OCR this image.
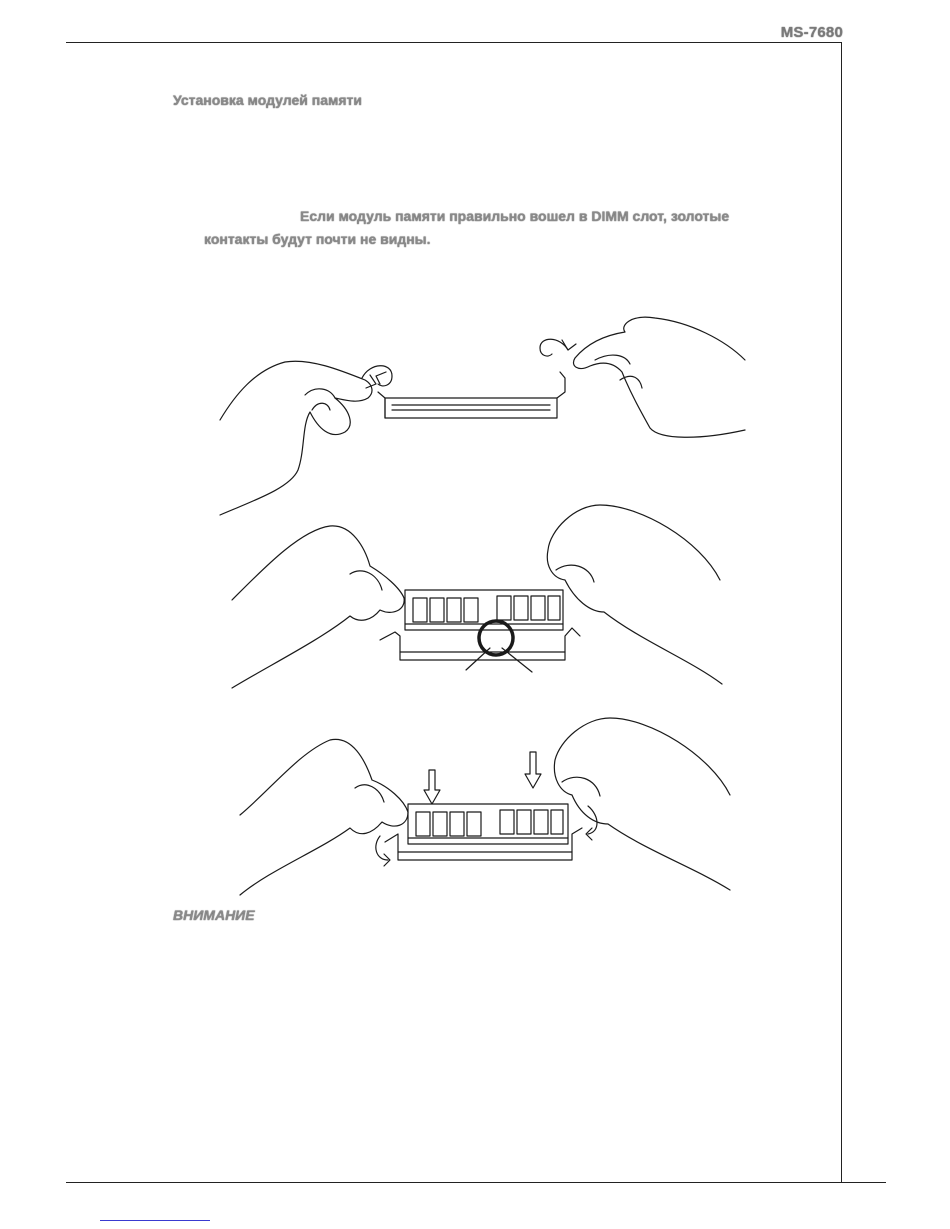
MS-7680
Установка модулей памяти
Если модуль памяти правильно вошел в DIMM слот, золотые
контакты будут почти не видны.
ВНИМАНИЕ
